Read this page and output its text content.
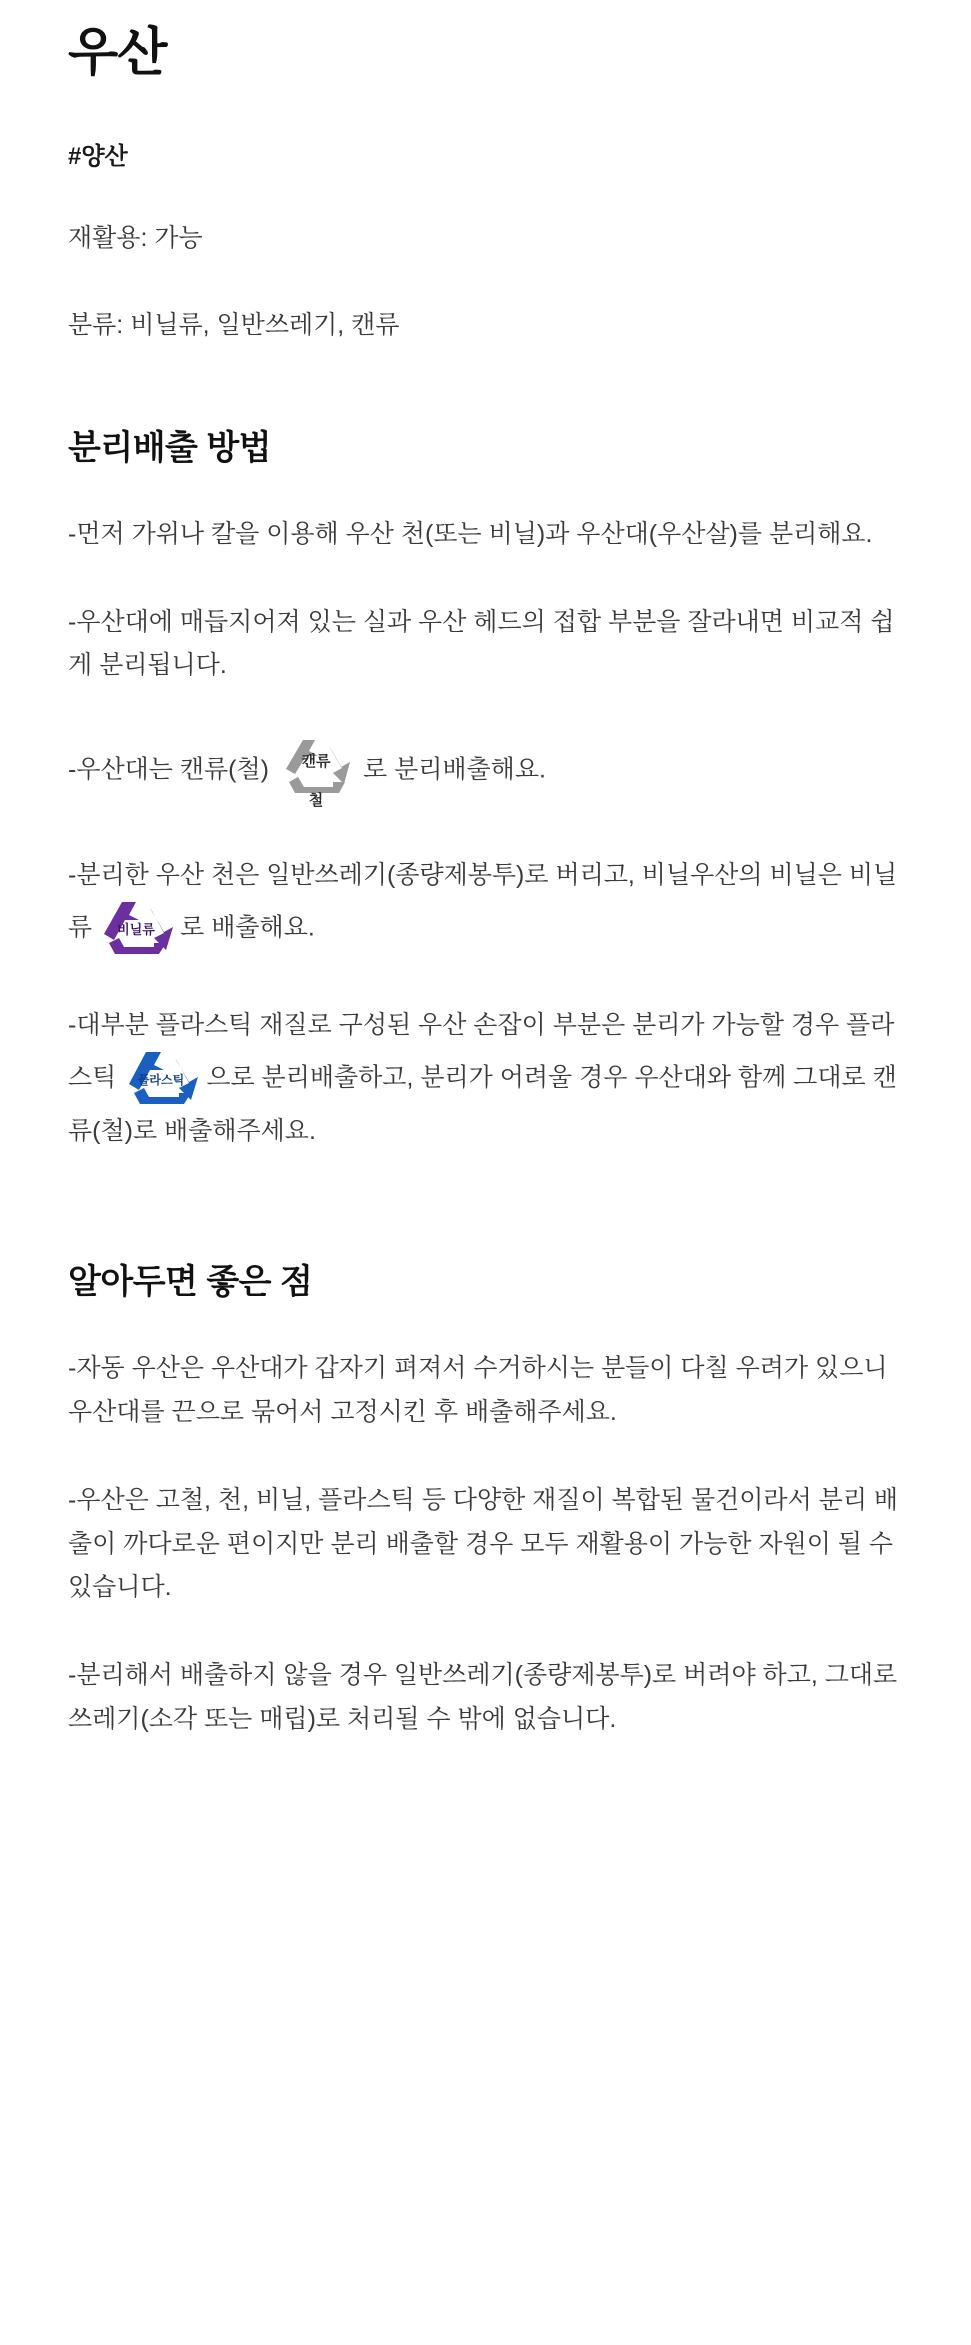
우산
#양산

재활용: 가능

분류: 비닐류, 일반쓰레기, 캔류

분리배출 방법

-먼저 가위나 칼을 이용해 우산 천(또는 비닐)과 우산대(우산살)를 분리해요.

-우산대에 매듭지어져 있는 실과 우산 헤드의 접합 부분을 잘라내면 비교적 쉽게 분리됩니다.

-우산대는 캔류(철) 캔류
철
로 분리배출해요.

-분리한 우산 천은 일반쓰레기(종량제봉투)로 버리고, 비닐우산의 비닐은 비닐류 비닐류 로 배출해요.

-대부분 플라스틱 재질로 구성된 우산 손잡이 부분은 분리가 가능할 경우 플라스틱 플라스틱 으로 분리배출하고, 분리가 어려울 경우 우산대와 함께 그대로 캔류(철)로 배출해주세요.

알아두면 좋은 점

-자동 우산은 우산대가 갑자기 펴져서 수거하시는 분들이 다칠 우려가 있으니 우산대를 끈으로 묶어서 고정시킨 후 배출해주세요.

-우산은 고철, 천, 비닐, 플라스틱 등 다양한 재질이 복합된 물건이라서 분리 배출이 까다로운 편이지만 분리 배출할 경우 모두 재활용이 가능한 자원이 될 수 있습니다.

-분리해서 배출하지 않을 경우 일반쓰레기(종량제봉투)로 버려야 하고, 그대로 쓰레기(소각 또는 매립)로 처리될 수 밖에 없습니다.
